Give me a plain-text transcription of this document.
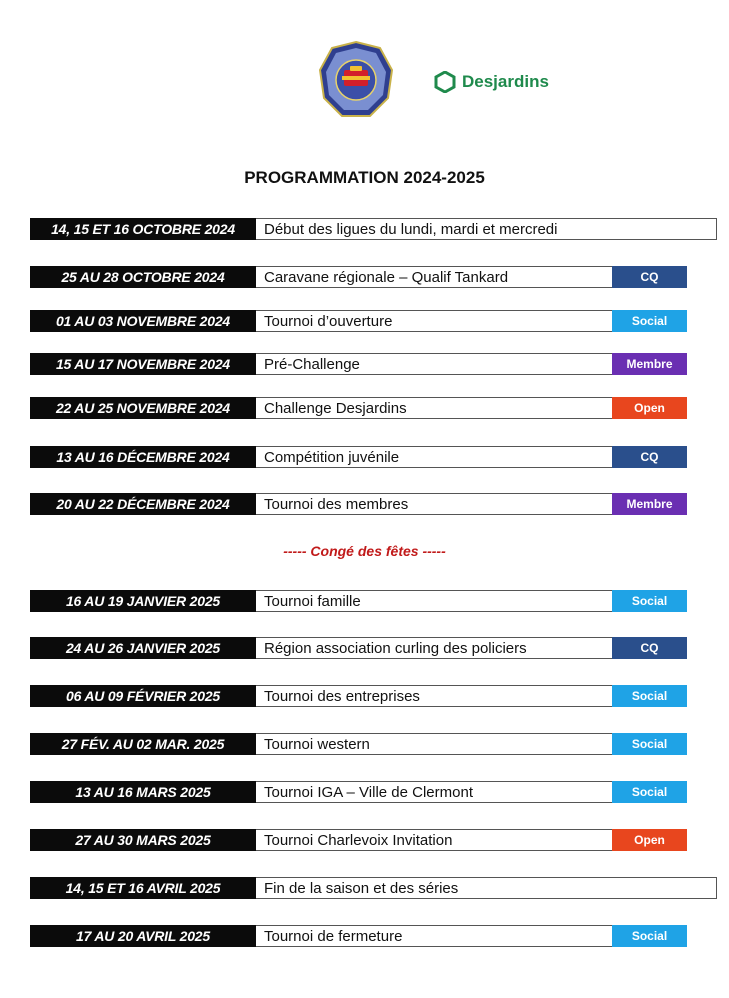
Desjardins
PROGRAMMATION 2024-2025
14, 15 ET 16 OCTOBRE 2024	Début des ligues du lundi, mardi et mercredi
25 AU 28 OCTOBRE 2024	Caravane régionale – Qualif Tankard	CQ
01 AU 03 NOVEMBRE 2024	Tournoi d’ouverture	Social
15 AU 17 NOVEMBRE 2024	Pré-Challenge	Membre
22 AU 25 NOVEMBRE 2024	Challenge Desjardins	Open
13 AU 16 DÉCEMBRE 2024	Compétition juvénile	CQ
20 AU 22 DÉCEMBRE 2024	Tournoi des membres	Membre
16 AU 19 JANVIER 2025	Tournoi famille	Social
24 AU 26 JANVIER 2025	Région association curling des policiers	CQ
06 AU 09 FÉVRIER 2025	Tournoi des entreprises	Social
27 FÉV. AU 02 MAR. 2025	Tournoi western	Social
13 AU 16 MARS 2025	Tournoi IGA – Ville de Clermont	Social
27 AU 30 MARS 2025	Tournoi Charlevoix Invitation	Open
14, 15 ET 16 AVRIL 2025	Fin de la saison et des séries
17 AU 20 AVRIL 2025	Tournoi de fermeture	Social
----- Congé des fêtes -----
